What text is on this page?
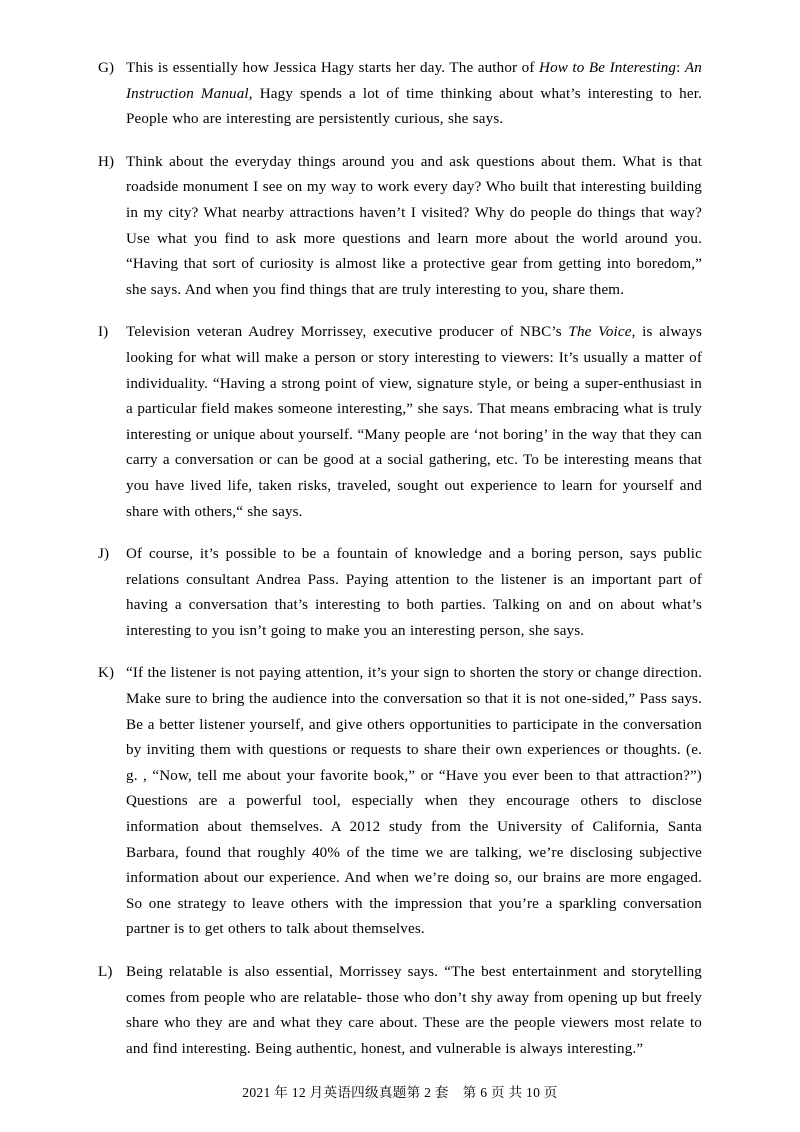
G) This is essentially how Jessica Hagy starts her day. The author of How to Be Interesting: An Instruction Manual, Hagy spends a lot of time thinking about what’s interesting to her. People who are interesting are persistently curious, she says.

H) Think about the everyday things around you and ask questions about them. What is that roadside monument I see on my way to work every day? Who built that interesting building in my city? What nearby attractions haven’t I visited? Why do people do things that way? Use what you find to ask more questions and learn more about the world around you. “Having that sort of curiosity is almost like a protective gear from getting into boredom,” she says. And when you find things that are truly interesting to you, share them.

I)	Television veteran Audrey Morrissey, executive producer of NBC’s The Voice, is always looking for what will make a person or story interesting to viewers: It’s usually a matter of individuality. “Having a strong point of view, signature style, or being a super-enthusiast in a particular field makes someone interesting,” she says. That means embracing what is truly interesting or unique about yourself. “Many people are ‘not boring’ in the way that they can carry a conversation or can be good at a social gathering, etc. To be interesting means that you have lived life, taken risks, traveled, sought out experience to learn for yourself and share with others,“ she says.

J)	Of course, it’s possible to be a fountain of knowledge and a boring person, says public relations consultant Andrea Pass. Paying attention to the listener is an important part of having a conversation that’s interesting to both parties. Talking on and on about what’s interesting to you isn’t going to make you an interesting person, she says.

K) “If the listener is not paying attention, it’s your sign to shorten the story or change direction. Make sure to bring the audience into the conversation so that it is not one-sided,” Pass says. Be a better listener yourself, and give others opportunities to participate in the conversation by inviting them with questions or requests to share their own experiences or thoughts. (e. g. , “Now, tell me about your favorite book,” or “Have you ever been to that attraction?”) Questions are a powerful tool, especially when they encourage others to disclose information about themselves. A 2012 study from the University of California, Santa Barbara, found that roughly 40% of the time we are talking, we’re disclosing subjective information about our experience. And when we’re doing so, our brains are more engaged. So one strategy to leave others with the impression that you’re a sparkling conversation partner is to get others to talk about themselves.

L) Being relatable is also essential, Morrissey says. “The best entertainment and storytelling comes from people who are relatable- those who don’t shy away from opening up but freely share who they are and what they care about. These are the people viewers most relate to and find interesting. Being authentic, honest, and vulnerable is always interesting.”

2021 年 12 月英语四级真题第 2 套　第 6 页 共 10 页
